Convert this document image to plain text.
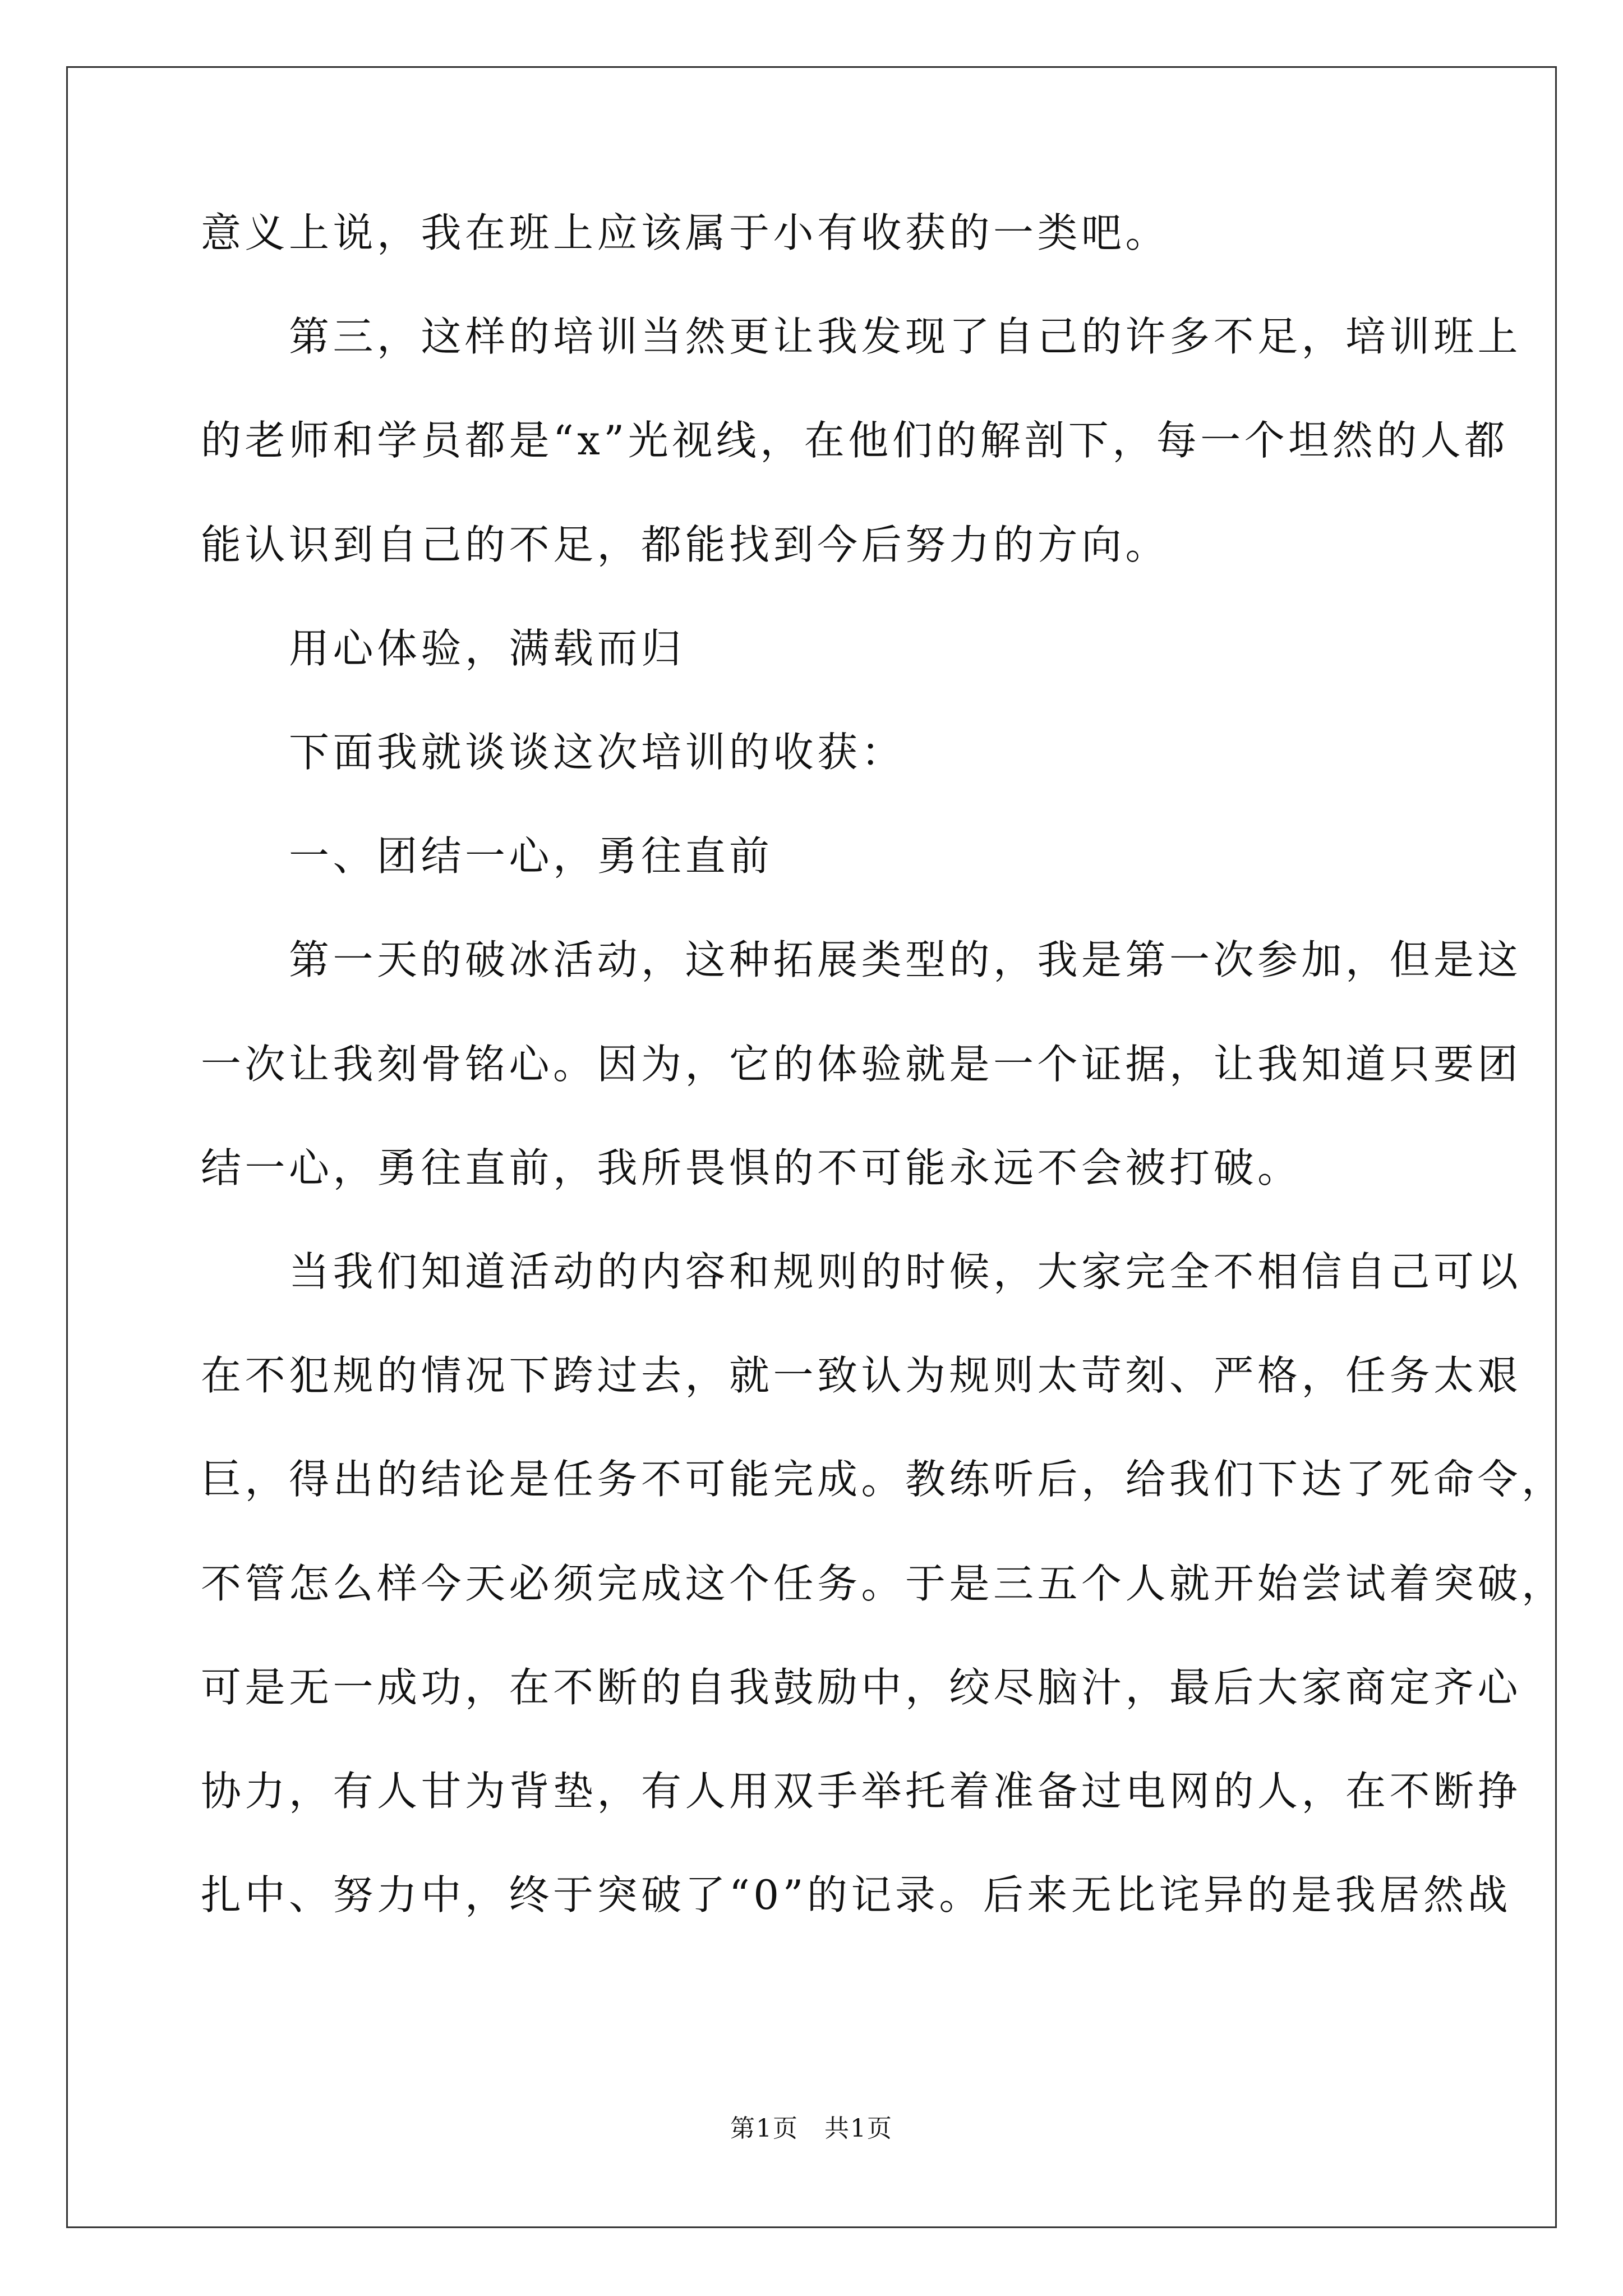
意义上说，我在班上应该属于小有收获的一类吧。
　　第三，这样的培训当然更让我发现了自己的许多不足，培训班上
的老师和学员都是“x”光视线，在他们的解剖下，每一个坦然的人都
能认识到自己的不足，都能找到今后努力的方向。
　　用心体验，满载而归
　　下面我就谈谈这次培训的收获：
　　一、团结一心，勇往直前
　　第一天的破冰活动，这种拓展类型的，我是第一次参加，但是这
一次让我刻骨铭心。因为，它的体验就是一个证据，让我知道只要团
结一心，勇往直前，我所畏惧的不可能永远不会被打破。
　　当我们知道活动的内容和规则的时候，大家完全不相信自己可以
在不犯规的情况下跨过去，就一致认为规则太苛刻、严格，任务太艰
巨，得出的结论是任务不可能完成。教练听后，给我们下达了死命令，
不管怎么样今天必须完成这个任务。于是三五个人就开始尝试着突破，
可是无一成功，在不断的自我鼓励中，绞尽脑汁，最后大家商定齐心
协力，有人甘为背垫，有人用双手举托着准备过电网的人，在不断挣
扎中、努力中，终于突破了“0”的记录。后来无比诧异的是我居然战
第1页　共1页
